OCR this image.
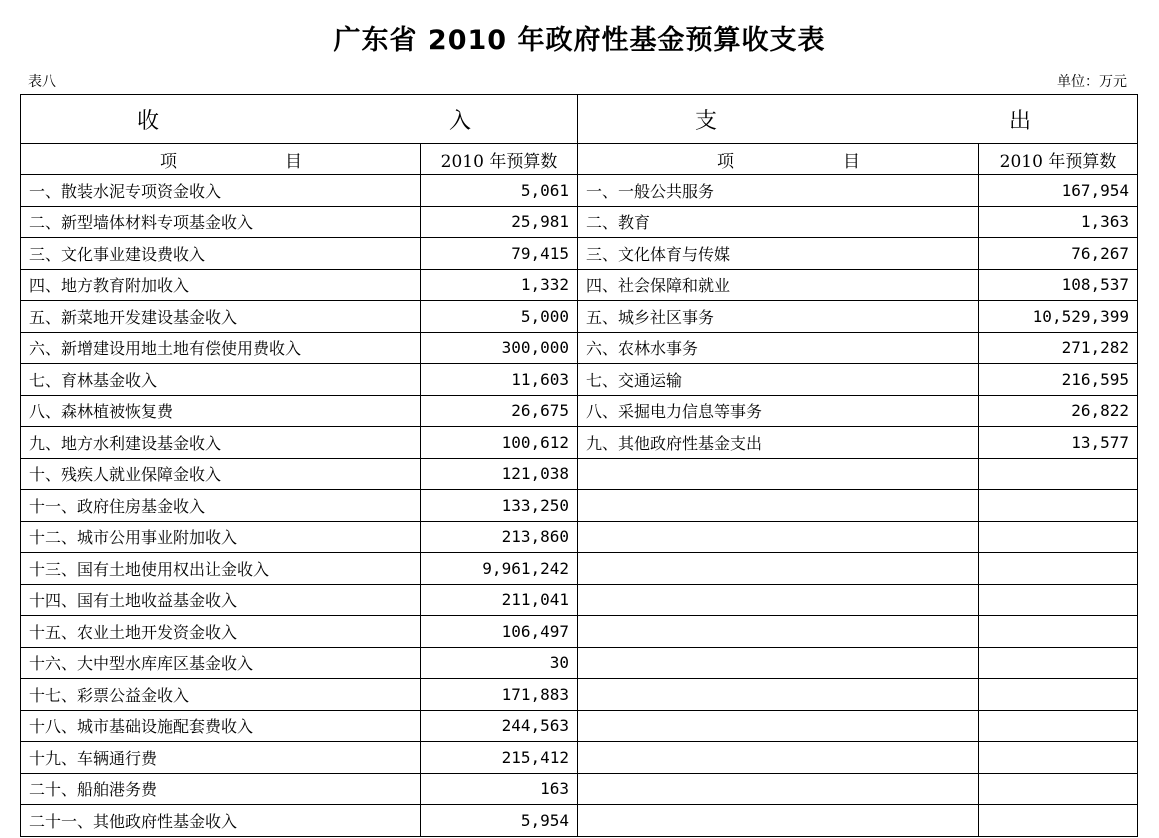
广东省 2010 年政府性基金预算收支表
表八	单位：万元
收 入		支 出	

项 目	2010 年预算数	项 目	2010 年预算数
一、散装水泥专项资金收入	5,061	一、一般公共服务	167,954
二、新型墙体材料专项基金收入	25,981	二、教育	1,363
三、文化事业建设费收入	79,415	三、文化体育与传媒	76,267
四、地方教育附加收入	1,332	四、社会保障和就业	108,537
五、新菜地开发建设基金收入	5,000	五、城乡社区事务	10,529,399
六、新增建设用地土地有偿使用费收入	300,000	六、农林水事务	271,282
七、育林基金收入	11,603	七、交通运输	216,595
八、森林植被恢复费	26,675	八、采掘电力信息等事务	26,822
九、地方水利建设基金收入	100,612	九、其他政府性基金支出	13,577
十、残疾人就业保障金收入	121,038		
十一、政府住房基金收入	133,250		
十二、城市公用事业附加收入	213,860		
十三、国有土地使用权出让金收入	9,961,242		
十四、国有土地收益基金收入	211,041		
十五、农业土地开发资金收入	106,497		
十六、大中型水库库区基金收入	30		
十七、彩票公益金收入	171,883		
十八、城市基础设施配套费收入	244,563		
十九、车辆通行费	215,412		
二十、船舶港务费	163		
二十一、其他政府性基金收入	5,954		
